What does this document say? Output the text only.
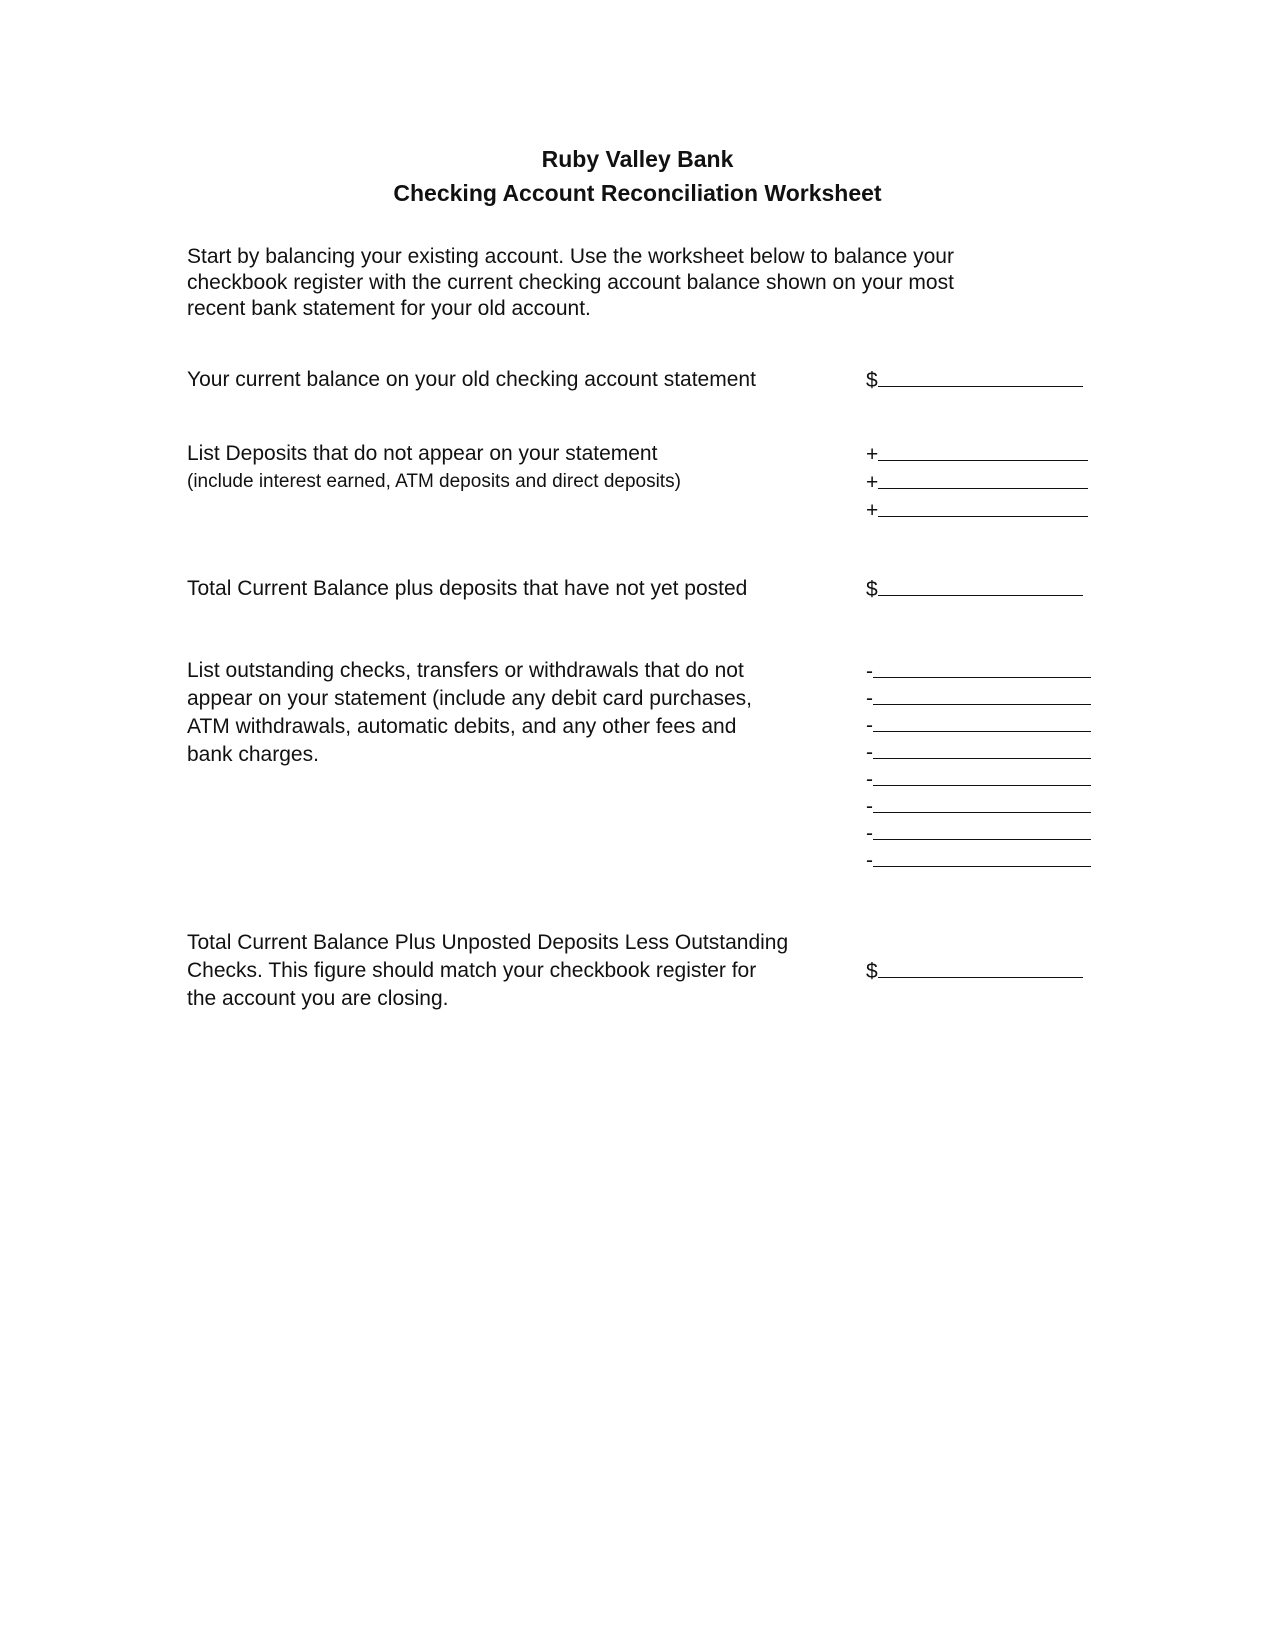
Ruby Valley Bank
Checking Account Reconciliation Worksheet
Start by balancing your existing account. Use the worksheet below to balance your
checkbook register with the current checking account balance shown on your most
recent bank statement for your old account.
Your current balance on your old checking account statement	$
List Deposits that do not appear on your statement
(include interest earned, ATM deposits and direct deposits)
+
+
+
Total Current Balance plus deposits that have not yet posted	$
List outstanding checks, transfers or withdrawals that do not
appear on your statement (include any debit card purchases,
ATM withdrawals, automatic debits, and any other fees and
bank charges.
-
-
-
-
-
-
-
-
Total Current Balance Plus Unposted Deposits Less Outstanding
Checks. This figure should match your checkbook register for
the account you are closing.
$
